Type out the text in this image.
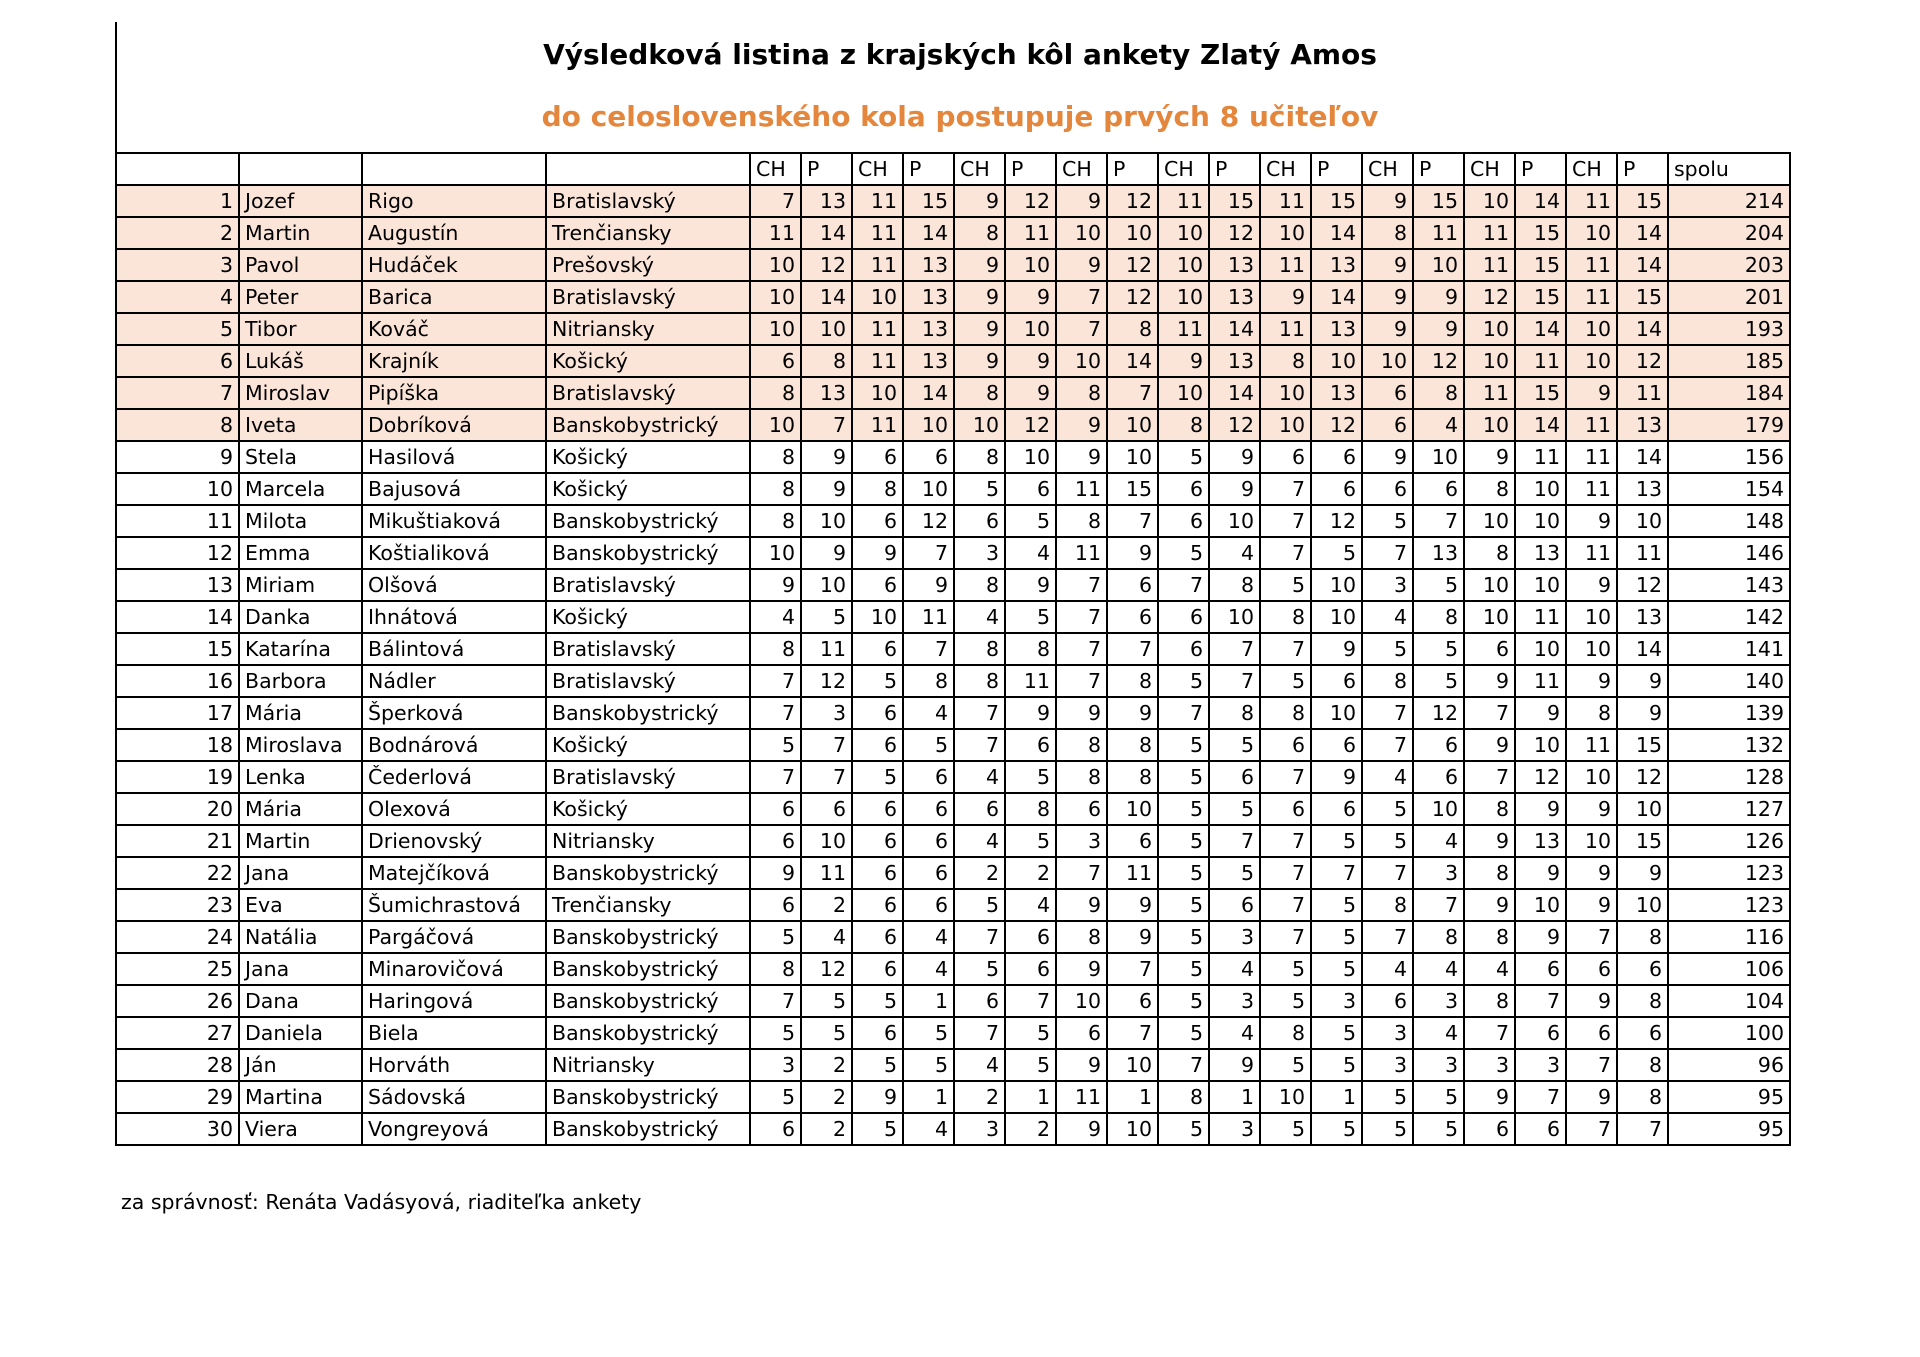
Výsledková listina z krajských kôl ankety Zlatý Amos
do celoslovenského kola postupuje prvých 8 učiteľov
				CH	P	CH	P	CH	P	CH	P	CH	P	CH	P	CH	P	CH	P	CH	P	spolu
1	Jozef	Rigo	Bratislavský	7	13	11	15	9	12	9	12	11	15	11	15	9	15	10	14	11	15	214
2	Martin	Augustín	Trenčiansky	11	14	11	14	8	11	10	10	10	12	10	14	8	11	11	15	10	14	204
3	Pavol	Hudáček	Prešovský	10	12	11	13	9	10	9	12	10	13	11	13	9	10	11	15	11	14	203
4	Peter	Barica	Bratislavský	10	14	10	13	9	9	7	12	10	13	9	14	9	9	12	15	11	15	201
5	Tibor	Kováč	Nitriansky	10	10	11	13	9	10	7	8	11	14	11	13	9	9	10	14	10	14	193
6	Lukáš	Krajník	Košický	6	8	11	13	9	9	10	14	9	13	8	10	10	12	10	11	10	12	185
7	Miroslav	Pipíška	Bratislavský	8	13	10	14	8	9	8	7	10	14	10	13	6	8	11	15	9	11	184
8	Iveta	Dobríková	Banskobystrický	10	7	11	10	10	12	9	10	8	12	10	12	6	4	10	14	11	13	179
9	Stela	Hasilová	Košický	8	9	6	6	8	10	9	10	5	9	6	6	9	10	9	11	11	14	156
10	Marcela	Bajusová	Košický	8	9	8	10	5	6	11	15	6	9	7	6	6	6	8	10	11	13	154
11	Milota	Mikuštiaková	Banskobystrický	8	10	6	12	6	5	8	7	6	10	7	12	5	7	10	10	9	10	148
12	Emma	Koštialiková	Banskobystrický	10	9	9	7	3	4	11	9	5	4	7	5	7	13	8	13	11	11	146
13	Miriam	Olšová	Bratislavský	9	10	6	9	8	9	7	6	7	8	5	10	3	5	10	10	9	12	143
14	Danka	Ihnátová	Košický	4	5	10	11	4	5	7	6	6	10	8	10	4	8	10	11	10	13	142
15	Katarína	Bálintová	Bratislavský	8	11	6	7	8	8	7	7	6	7	7	9	5	5	6	10	10	14	141
16	Barbora	Nádler	Bratislavský	7	12	5	8	8	11	7	8	5	7	5	6	8	5	9	11	9	9	140
17	Mária	Šperková	Banskobystrický	7	3	6	4	7	9	9	9	7	8	8	10	7	12	7	9	8	9	139
18	Miroslava	Bodnárová	Košický	5	7	6	5	7	6	8	8	5	5	6	6	7	6	9	10	11	15	132
19	Lenka	Čederlová	Bratislavský	7	7	5	6	4	5	8	8	5	6	7	9	4	6	7	12	10	12	128
20	Mária	Olexová	Košický	6	6	6	6	6	8	6	10	5	5	6	6	5	10	8	9	9	10	127
21	Martin	Drienovský	Nitriansky	6	10	6	6	4	5	3	6	5	7	7	5	5	4	9	13	10	15	126
22	Jana	Matejčíková	Banskobystrický	9	11	6	6	2	2	7	11	5	5	7	7	7	3	8	9	9	9	123
23	Eva	Šumichrastová	Trenčiansky	6	2	6	6	5	4	9	9	5	6	7	5	8	7	9	10	9	10	123
24	Natália	Pargáčová	Banskobystrický	5	4	6	4	7	6	8	9	5	3	7	5	7	8	8	9	7	8	116
25	Jana	Minarovičová	Banskobystrický	8	12	6	4	5	6	9	7	5	4	5	5	4	4	4	6	6	6	106
26	Dana	Haringová	Banskobystrický	7	5	5	1	6	7	10	6	5	3	5	3	6	3	8	7	9	8	104
27	Daniela	Biela	Banskobystrický	5	5	6	5	7	5	6	7	5	4	8	5	3	4	7	6	6	6	100
28	Ján	Horváth	Nitriansky	3	2	5	5	4	5	9	10	7	9	5	5	3	3	3	3	7	8	96
29	Martina	Sádovská	Banskobystrický	5	2	9	1	2	1	11	1	8	1	10	1	5	5	9	7	9	8	95
30	Viera	Vongreyová	Banskobystrický	6	2	5	4	3	2	9	10	5	3	5	5	5	5	6	6	7	7	95
za správnosť: Renáta Vadásyová, riaditeľka ankety
